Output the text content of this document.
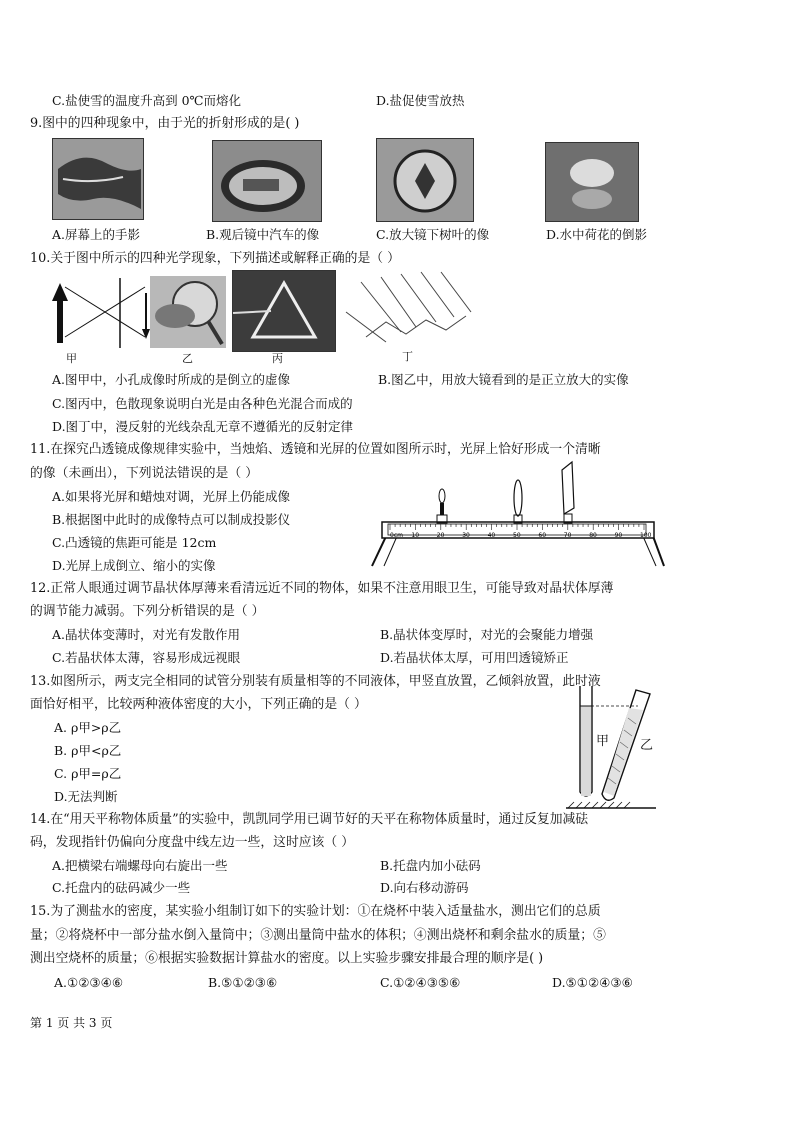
C.盐使雪的温度升高到 0℃而熔化	D.盐促使雪放热
9.图中的四种现象中，由于光的折射形成的是( )
A.屏幕上的手影	B.观后镜中汽车的像	C.放大镜下树叶的像	D.水中荷花的倒影
10.关于图中所示的四种光学现象，下列描述或解释正确的是（ ）
甲	乙	丙	丁
A.图甲中，小孔成像时所成的是倒立的虚像	B.图乙中，用放大镜看到的是正立放大的实像
C.图丙中，色散现象说明白光是由各种色光混合而成的
D.图丁中，漫反射的光线杂乱无章不遵循光的反射定律
11.在探究凸透镜成像规律实验中，当烛焰、透镜和光屏的位置如图所示时，光屏上恰好形成一个清晰
的像（未画出），下列说法错误的是（ ）
A.如果将光屏和蜡烛对调，光屏上仍能成像
B.根据图中此时的成像特点可以制成投影仪
C.凸透镜的焦距可能是 12cm
D.光屏上成倒立、缩小的实像
0cm 10	20	30	40	50	60	70	80	90	100
12.正常人眼通过调节晶状体厚薄来看清远近不同的物体，如果不注意用眼卫生，可能导致对晶状体厚薄
的调节能力减弱。下列分析错误的是（ ）
A.晶状体变薄时，对光有发散作用	B.晶状体变厚时，对光的会聚能力增强
C.若晶状体太薄，容易形成远视眼	D.若晶状体太厚，可用凹透镜矫正
13.如图所示，两支完全相同的试管分别装有质量相等的不同液体，甲竖直放置，乙倾斜放置，此时液
面恰好相平，比较两种液体密度的大小，下列正确的是（ ）
A. ρ甲>ρ乙
B. ρ甲<ρ乙
C. ρ甲=ρ乙
D.无法判断
甲 乙
14.在“用天平称物体质量”的实验中，凯凯同学用已调节好的天平在称物体质量时，通过反复加减砝
码，发现指针仍偏向分度盘中线左边一些，这时应该（ ）
A.把横梁右端螺母向右旋出一些	B.托盘内加小砝码
C.托盘内的砝码减少一些	D.向右移动游码
15.为了测盐水的密度，某实验小组制订如下的实验计划：①在烧杯中装入适量盐水，测出它们的总质
量；②将烧杯中一部分盐水倒入量筒中；③测出量筒中盐水的体积；④测出烧杯和剩余盐水的质量；⑤
测出空烧杯的质量；⑥根据实验数据计算盐水的密度。以上实验步骤安排最合理的顺序是( )
A.①②③④⑥	B.⑤①②③⑥	C.①②④③⑤⑥	D.⑤①②④③⑥
第 1 页 共 3 页
